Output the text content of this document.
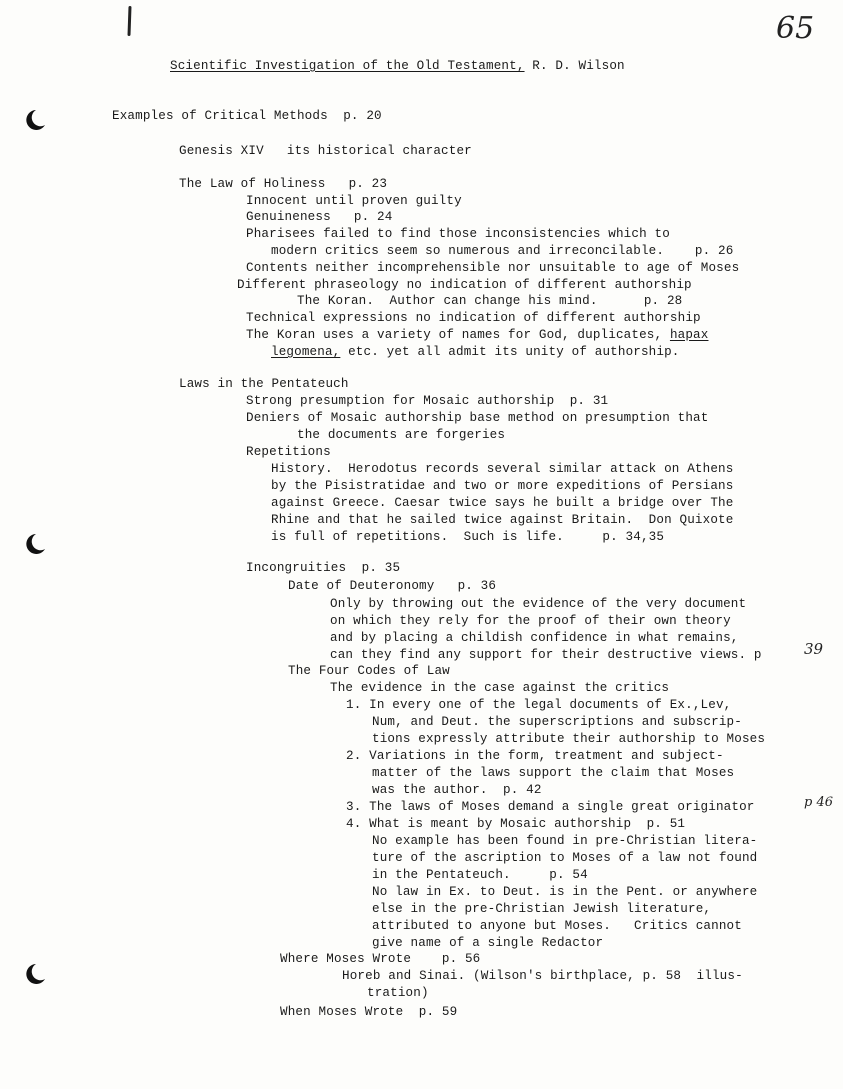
65
Scientific Investigation of the Old Testament, R. D. Wilson
Examples of Critical Methods  p. 20
Genesis XIV   its historical character
The Law of Holiness   p. 23
Innocent until proven guilty
Genuineness   p. 24
Pharisees failed to find those inconsistencies which to
modern critics seem so numerous and irreconcilable.    p. 26
Contents neither incomprehensible nor unsuitable to age of Moses
Different phraseology no indication of different authorship
The Koran.  Author can change his mind.      p. 28
Technical expressions no indication of different authorship
The Koran uses a variety of names for God, duplicates, hapax
legomena, etc. yet all admit its unity of authorship.
Laws in the Pentateuch
Strong presumption for Mosaic authorship  p. 31
Deniers of Mosaic authorship base method on presumption that
the documents are forgeries
Repetitions
History.  Herodotus records several similar attack on Athens
by the Pisistratidae and two or more expeditions of Persians
against Greece. Caesar twice says he built a bridge over The
Rhine and that he sailed twice against Britain.  Don Quixote
is full of repetitions.  Such is life.     p. 34,35
Incongruities  p. 35
Date of Deuteronomy   p. 36
Only by throwing out the evidence of the very document
on which they rely for the proof of their own theory
and by placing a childish confidence in what remains,
can they find any support for their destructive views. p	39
The Four Codes of Law
The evidence in the case against the critics
1. In every one of the legal documents of Ex.,Lev,
Num, and Deut. the superscriptions and subscrip-
tions expressly attribute their authorship to Moses
2. Variations in the form, treatment and subject-
matter of the laws support the claim that Moses
was the author.  p. 42
3. The laws of Moses demand a single great originator	p 46
4. What is meant by Mosaic authorship  p. 51
No example has been found in pre-Christian litera-
ture of the ascription to Moses of a law not found
in the Pentateuch.     p. 54
No law in Ex. to Deut. is in the Pent. or anywhere
else in the pre-Christian Jewish literature,
attributed to anyone but Moses.   Critics cannot
give name of a single Redactor
Where Moses Wrote    p. 56
Horeb and Sinai. (Wilson's birthplace, p. 58  illus-
tration)
When Moses Wrote  p. 59
